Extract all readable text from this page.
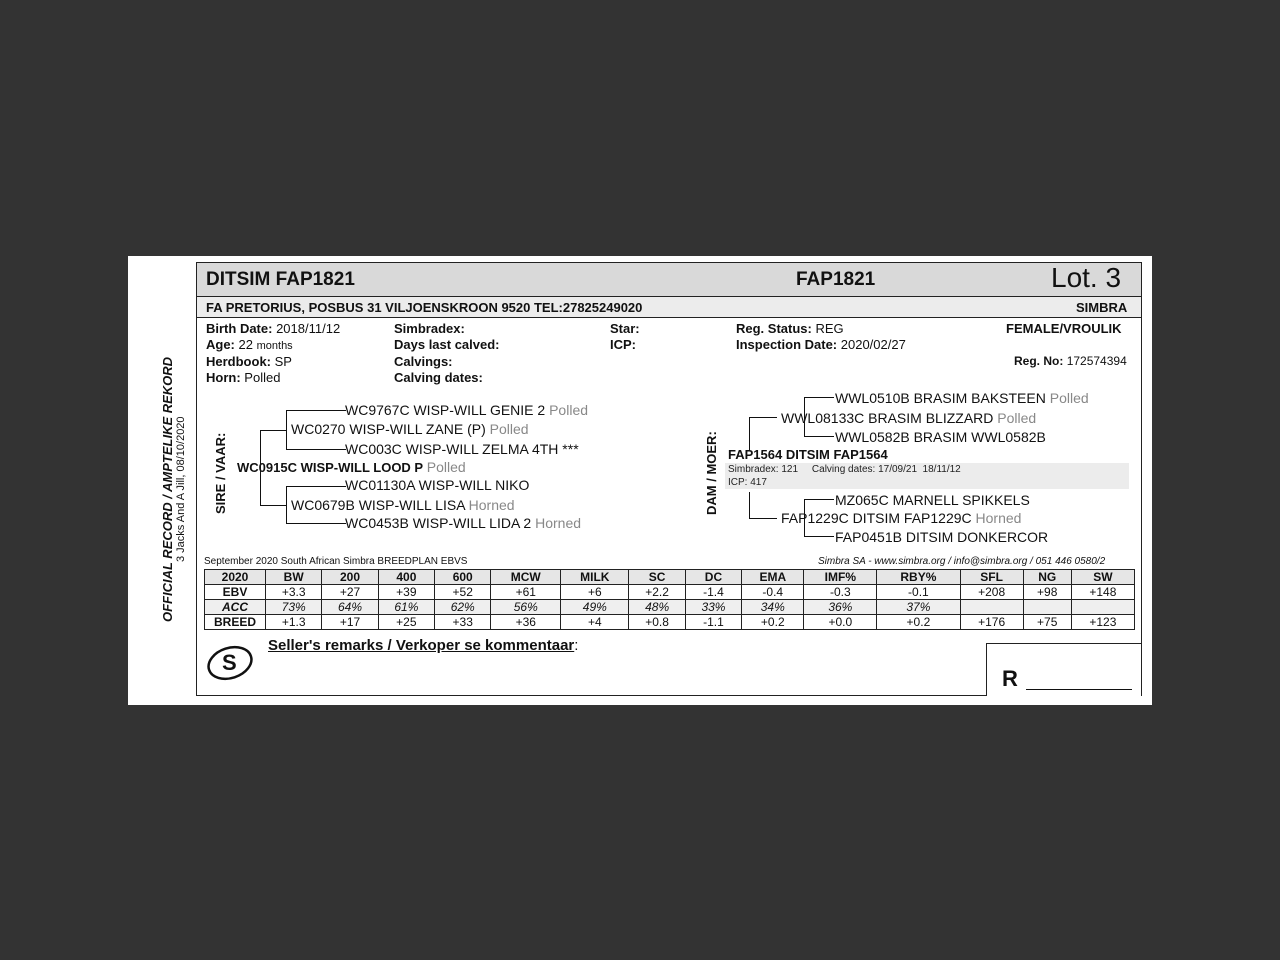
OFFICIAL RECORD / AMPTELIKE REKORD 3 Jacks And A Jill, 08/10/2020
DITSIM FAP1821	FAP1821	Lot. 3
FA PRETORIUS, POSBUS 31 VILJOENSKROON 9520 TEL:27825249020	SIMBRA
Birth Date: 2018/11/12
Age: 22 months
Herdbook: SP
Horn: Polled
Simbradex:
Days last calved:
Calvings:
Calving dates:
Star:
ICP:
Reg. Status: REG
Inspection Date: 2020/02/27
FEMALE/VROULIK
Reg. No: 172574394
SIRE / VAAR:
WC9767C WISP-WILL GENIE 2 Polled
WC0270 WISP-WILL ZANE (P) Polled
WC003C WISP-WILL ZELMA 4TH ***
WC0915C WISP-WILL LOOD P Polled
WC01130A WISP-WILL NIKO
WC0679B WISP-WILL LISA Horned
WC0453B WISP-WILL LIDA 2 Horned
DAM / MOER:
WWL0510B BRASIM BAKSTEEN Polled
WWL08133C BRASIM BLIZZARD Polled
WWL0582B BRASIM WWL0582B
FAP1564 DITSIM FAP1564
Simbradex: 121     Calving dates: 17/09/21  18/11/12
ICP: 417
MZ065C MARNELL SPIKKELS
FAP1229C DITSIM FAP1229C Horned
FAP0451B DITSIM DONKERCOR
September 2020 South African Simbra BREEDPLAN EBVS	Simbra SA - www.simbra.org / info@simbra.org / 051 446 0580/2
2020	BW	200	400	600	MCW	MILK	SC	DC	EMA	IMF%	RBY%	SFL	NG	SW
EBV	+3.3	+27	+39	+52	+61	+6	+2.2	-1.4	-0.4	-0.3	-0.1	+208	+98	+148
ACC	73%	64%	61%	62%	56%	49%	48%	33%	34%	36%	37%			
BREED	+1.3	+17	+25	+33	+36	+4	+0.8	-1.1	+0.2	+0.0	+0.2	+176	+75	+123
S
Seller's remarks / Verkoper se kommentaar:
R
